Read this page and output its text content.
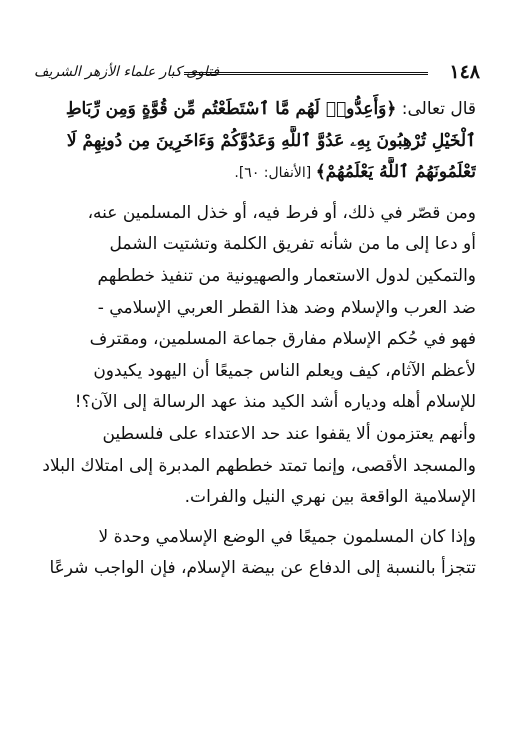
١٤٨
فتاوى كبار علماء الأزهر الشريف
قال تعالى: ﴿وَأَعِدُّوا۟ لَهُم مَّا ٱسْتَطَعْتُم مِّن قُوَّةٍ وَمِن رِّبَاطِ
ٱلْخَيْلِ تُرْهِبُونَ بِهِۦ عَدُوَّ ٱللَّهِ وَعَدُوَّكُمْ وَءَاخَرِينَ مِن دُونِهِمْ لَا
تَعْلَمُونَهُمُ ٱللَّهُ يَعْلَمُهُمْ﴾ [الأنفال: ٦٠].
ومن قصّر في ذلك، أو فرط فيه، أو خذل المسلمين عنه،
أو دعا إلى ما من شأنه تفريق الكلمة وتشتيت الشمل
والتمكين لدول الاستعمار والصهيونية من تنفيذ خططهم
ضد العرب والإسلام وضد هذا القطر العربي الإسلامي -
فهو في حُكم الإسلام مفارق جماعة المسلمين، ومقترف
لأعظم الآثام، كيف ويعلم الناس جميعًا أن اليهود يكيدون
للإسلام أهله ودياره أشد الكيد منذ عهد الرسالة إلى الآن؟!
وأنهم يعتزمون ألا يقفوا عند حد الاعتداء على فلسطين
والمسجد الأقصى، وإنما تمتد خططهم المدبرة إلى امتلاك البلاد
الإسلامية الواقعة بين نهري النيل والفرات.
وإذا كان المسلمون جميعًا في الوضع الإسلامي وحدة لا
تتجزأ بالنسبة إلى الدفاع عن بيضة الإسلام، فإن الواجب شرعًا
